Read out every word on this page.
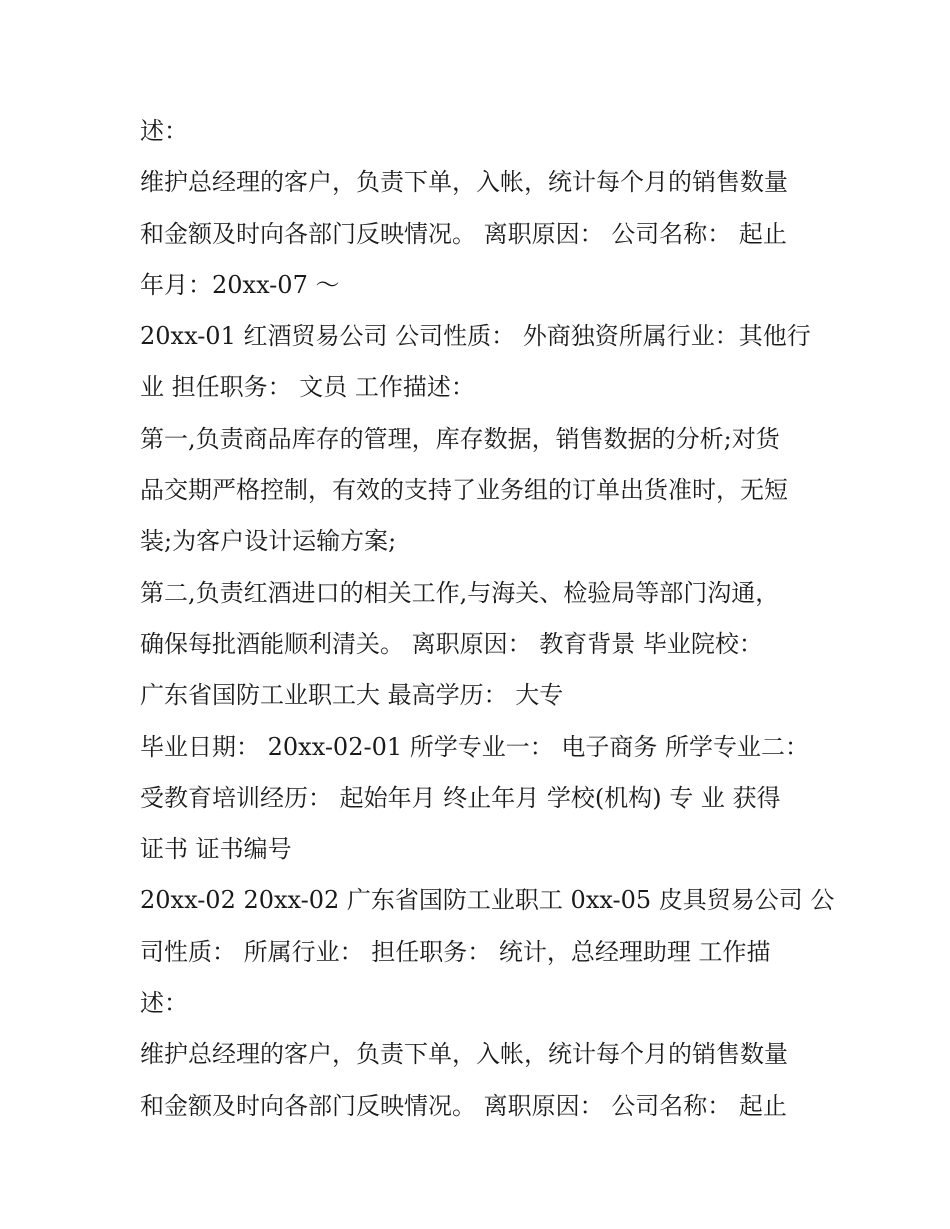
述：
维护总经理的客户，负责下单，入帐，统计每个月的销售数量
和金额及时向各部门反映情况。 离职原因： 公司名称： 起止
年月：20xx-07 ～
20xx-01 红酒贸易公司 公司性质： 外商独资所属行业：其他行
业 担任职务： 文员 工作描述：
第一,负责商品库存的管理，库存数据，销售数据的分析;对货
品交期严格控制，有效的支持了业务组的订单出货准时，无短
装;为客户设计运输方案;
第二,负责红酒进口的相关工作,与海关、检验局等部门沟通，
确保每批酒能顺利清关。 离职原因： 教育背景 毕业院校：
广东省国防工业职工大 最高学历： 大专
毕业日期： 20xx-02-01 所学专业一： 电子商务 所学专业二：
受教育培训经历： 起始年月 终止年月 学校(机构) 专 业 获得
证书 证书编号
20xx-02 20xx-02 广东省国防工业职工 0xx-05 皮具贸易公司 公
司性质： 所属行业： 担任职务： 统计，总经理助理 工作描
述：
维护总经理的客户，负责下单，入帐，统计每个月的销售数量
和金额及时向各部门反映情况。 离职原因： 公司名称： 起止
